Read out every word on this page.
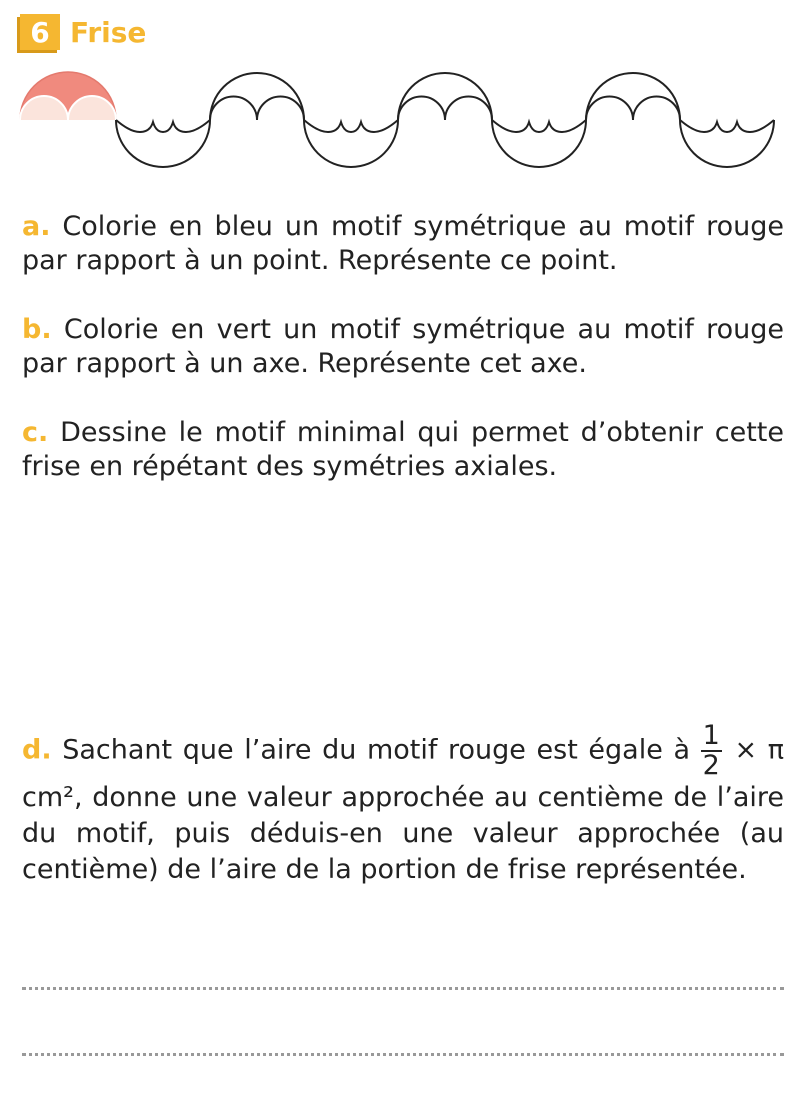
6 Frise
a. Colorie en bleu un motif symétrique au motif rouge par rapport à un point. Représente ce point.
b. Colorie en vert un motif symétrique au motif rouge par rapport à un axe. Représente cet axe.
c. Dessine le motif minimal qui permet d’obtenir cette frise en répétant des symétries axiales.
d. Sachant que l’aire du motif rouge est égale à $\frac{1}{2} \times \pi$ cm², donne une valeur approchée au centième de l’aire du motif, puis déduis-en une valeur approchée (au centième) de l’aire de la portion de frise représentée.
